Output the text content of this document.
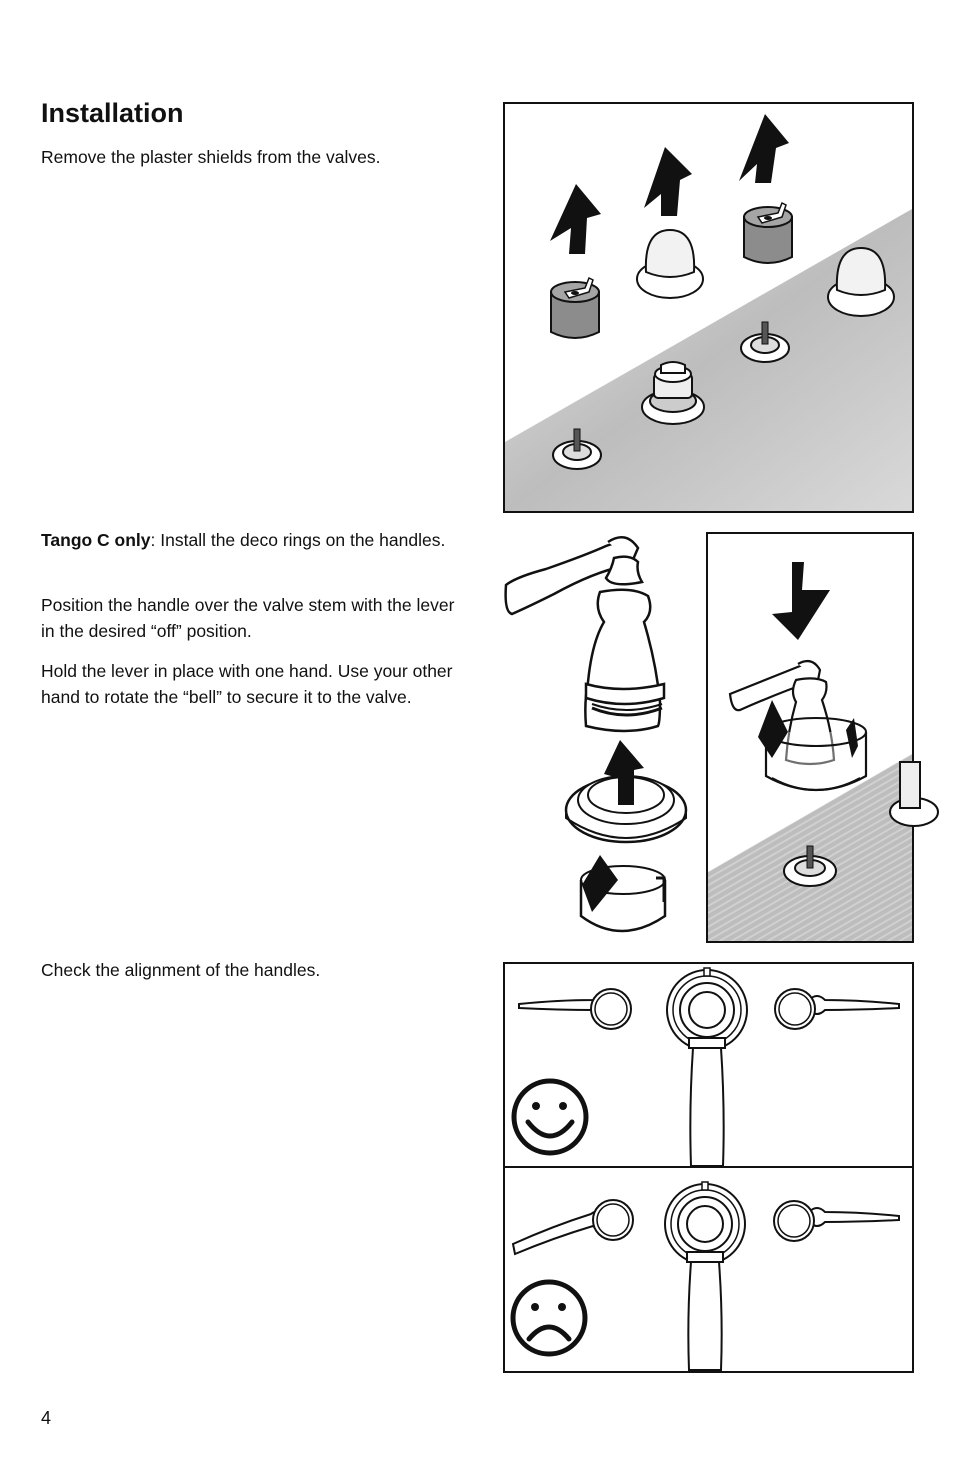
Installation

Remove the plaster shields from the valves.

Tango C only: Install the deco rings on the handles.

Position the handle over the valve stem with the lever in the desired “off” position.

Hold the lever in place with one hand. Use your other hand to rotate the “bell” to secure it to the valve.

Check the alignment of the handles.

4
